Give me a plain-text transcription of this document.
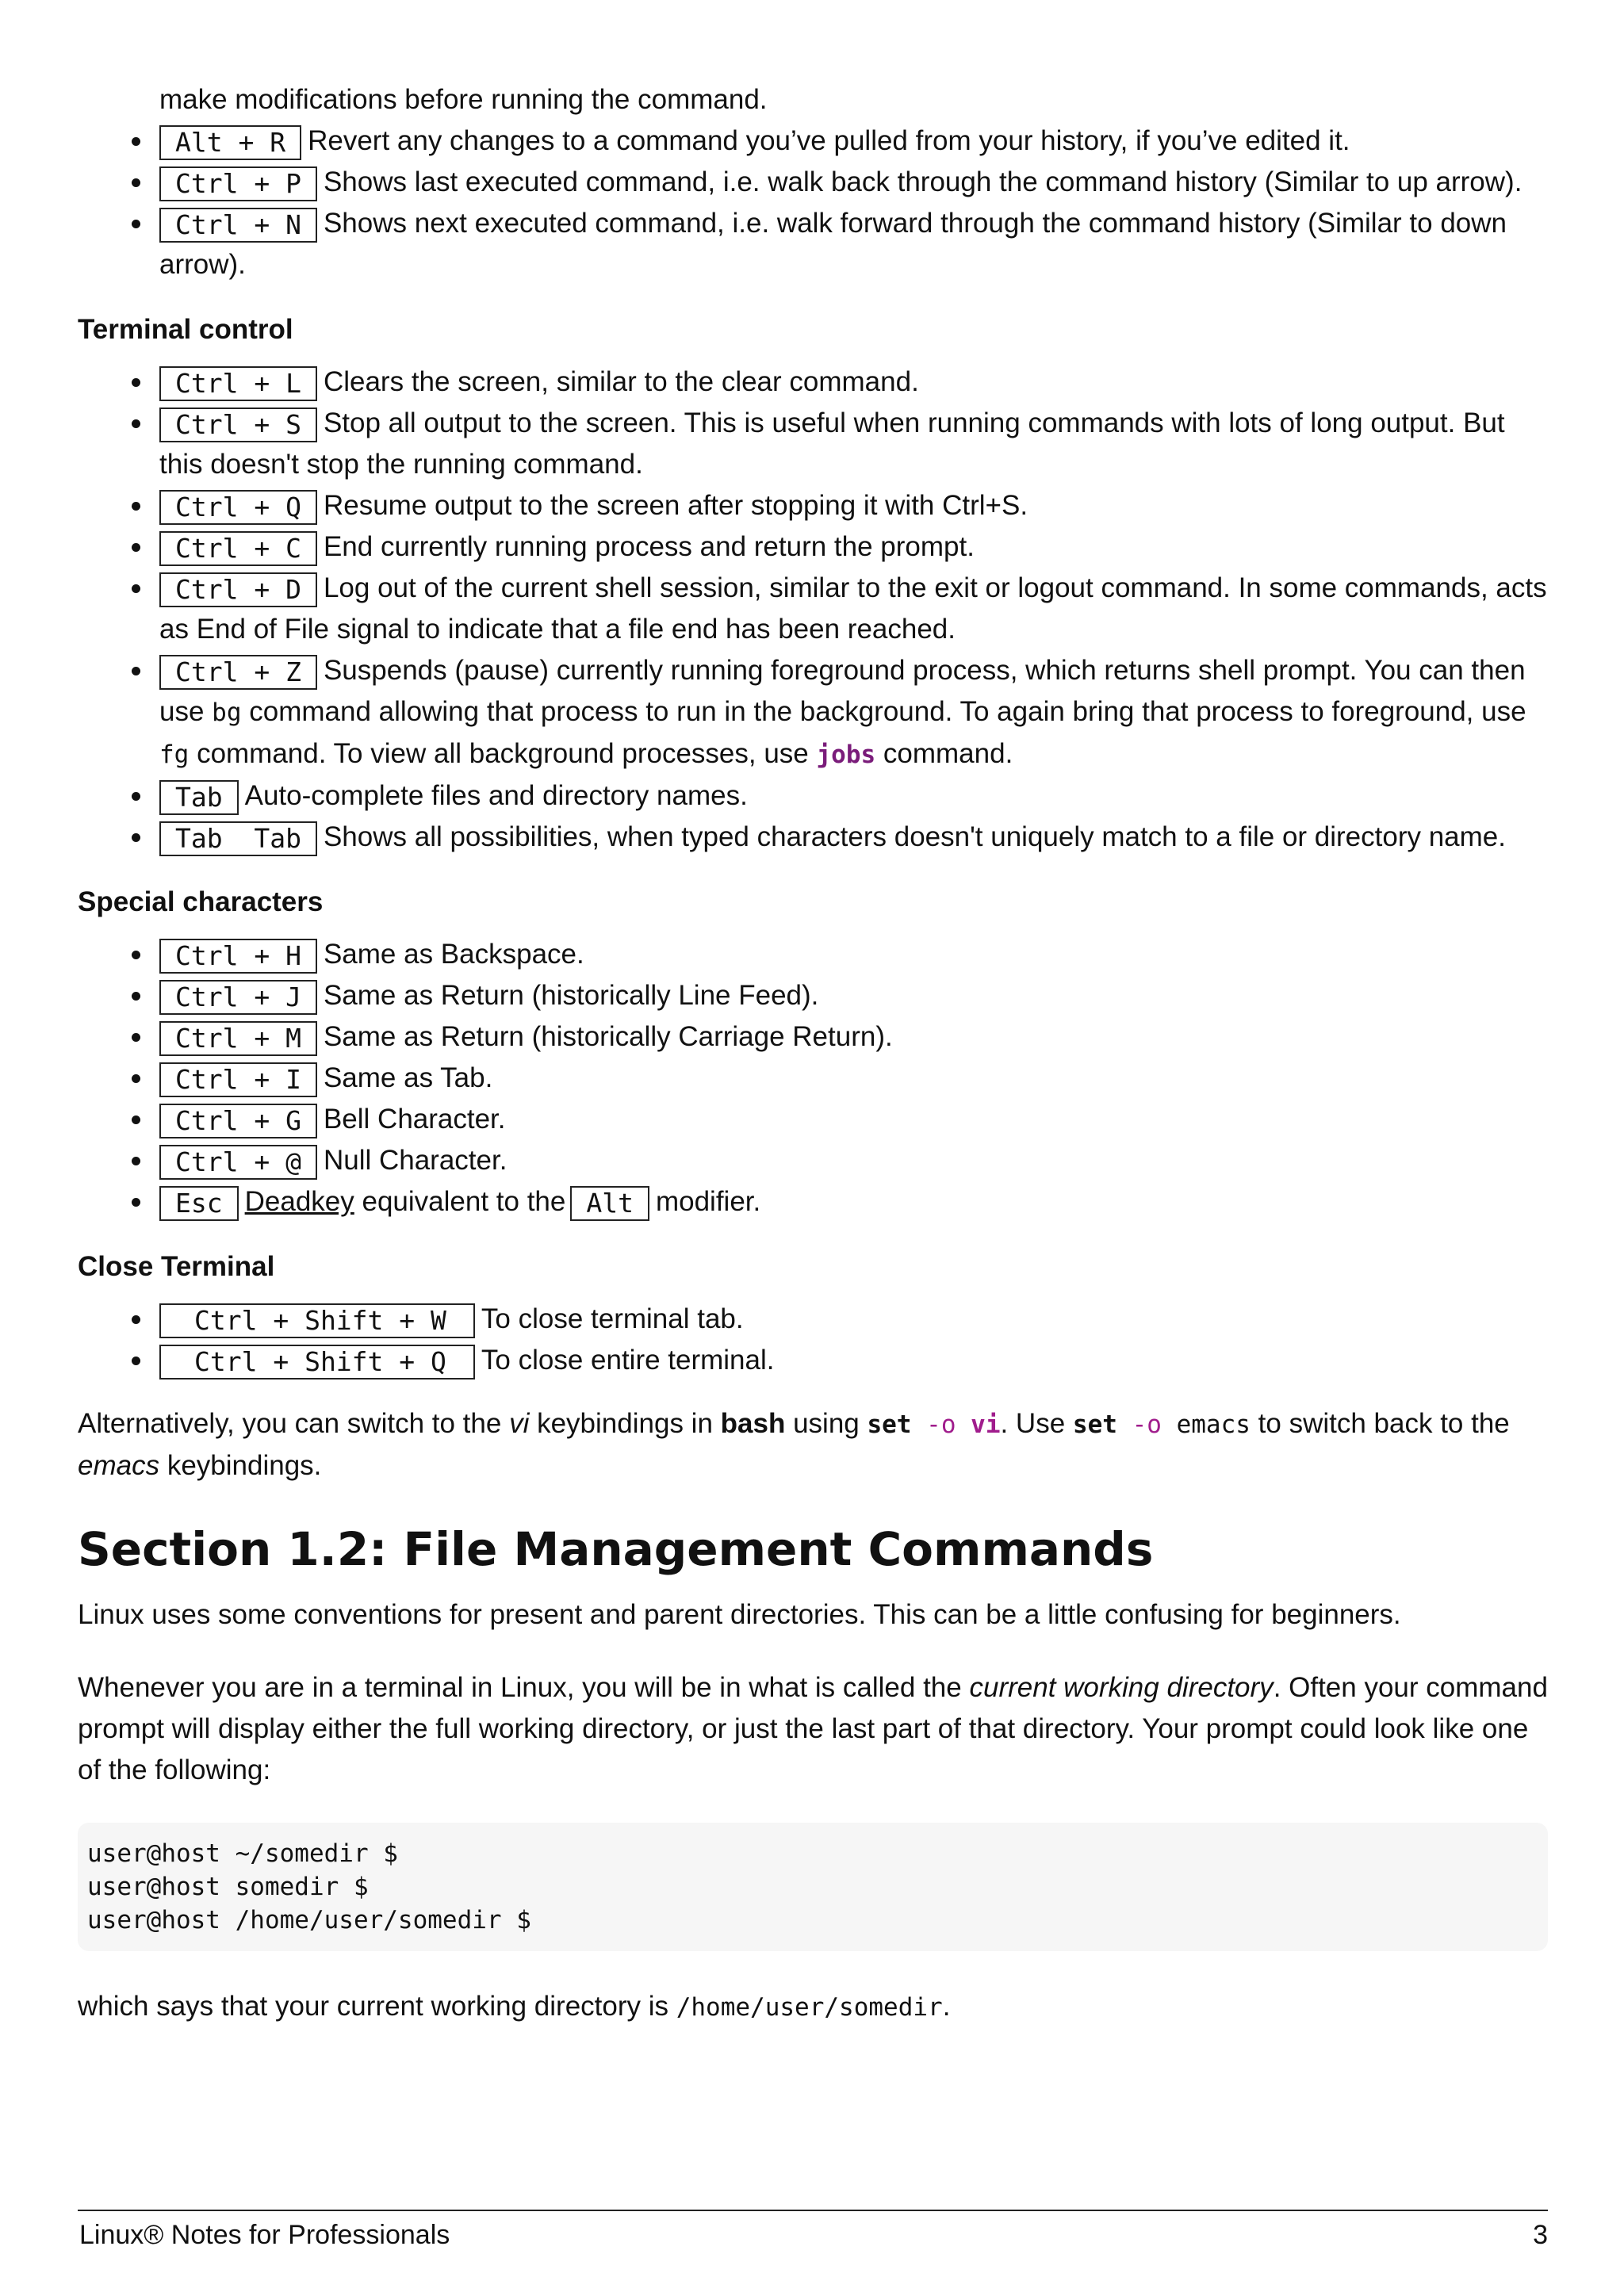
make modifications before running the command.
Alt + R Revert any changes to a command you’ve pulled from your history, if you’ve edited it.
Ctrl + P Shows last executed command, i.e. walk back through the command history (Similar to up arrow).
Ctrl + N Shows next executed command, i.e. walk forward through the command history (Similar to down arrow).
Terminal control
Ctrl + L Clears the screen, similar to the clear command.
Ctrl + S Stop all output to the screen. This is useful when running commands with lots of long output. But this doesn't stop the running command.
Ctrl + Q Resume output to the screen after stopping it with Ctrl+S.
Ctrl + C End currently running process and return the prompt.
Ctrl + D Log out of the current shell session, similar to the exit or logout command. In some commands, acts as End of File signal to indicate that a file end has been reached.
Ctrl + Z Suspends (pause) currently running foreground process, which returns shell prompt. You can then use bg command allowing that process to run in the background. To again bring that process to foreground, use fg command. To view all background processes, use jobs command.
Tab Auto-complete files and directory names.
Tab  Tab Shows all possibilities, when typed characters doesn't uniquely match to a file or directory name.
Special characters
Ctrl + H Same as Backspace.
Ctrl + J Same as Return (historically Line Feed).
Ctrl + M Same as Return (historically Carriage Return).
Ctrl + I Same as Tab.
Ctrl + G Bell Character.
Ctrl + @ Null Character.
Esc Deadkey equivalent to the Alt modifier.
Close Terminal
Ctrl + Shift + W To close terminal tab.
Ctrl + Shift + Q To close entire terminal.

Alternatively, you can switch to the vi keybindings in bash using set -o vi. Use set -o emacs to switch back to the emacs keybindings.

Section 1.2: File Management Commands

Linux uses some conventions for present and parent directories. This can be a little confusing for beginners.

Whenever you are in a terminal in Linux, you will be in what is called the current working directory. Often your command prompt will display either the full working directory, or just the last part of that directory. Your prompt could look like one of the following:

user@host ~/somedir $
user@host somedir $
user@host /home/user/somedir $

which says that your current working directory is /home/user/somedir.

Linux® Notes for Professionals	3
